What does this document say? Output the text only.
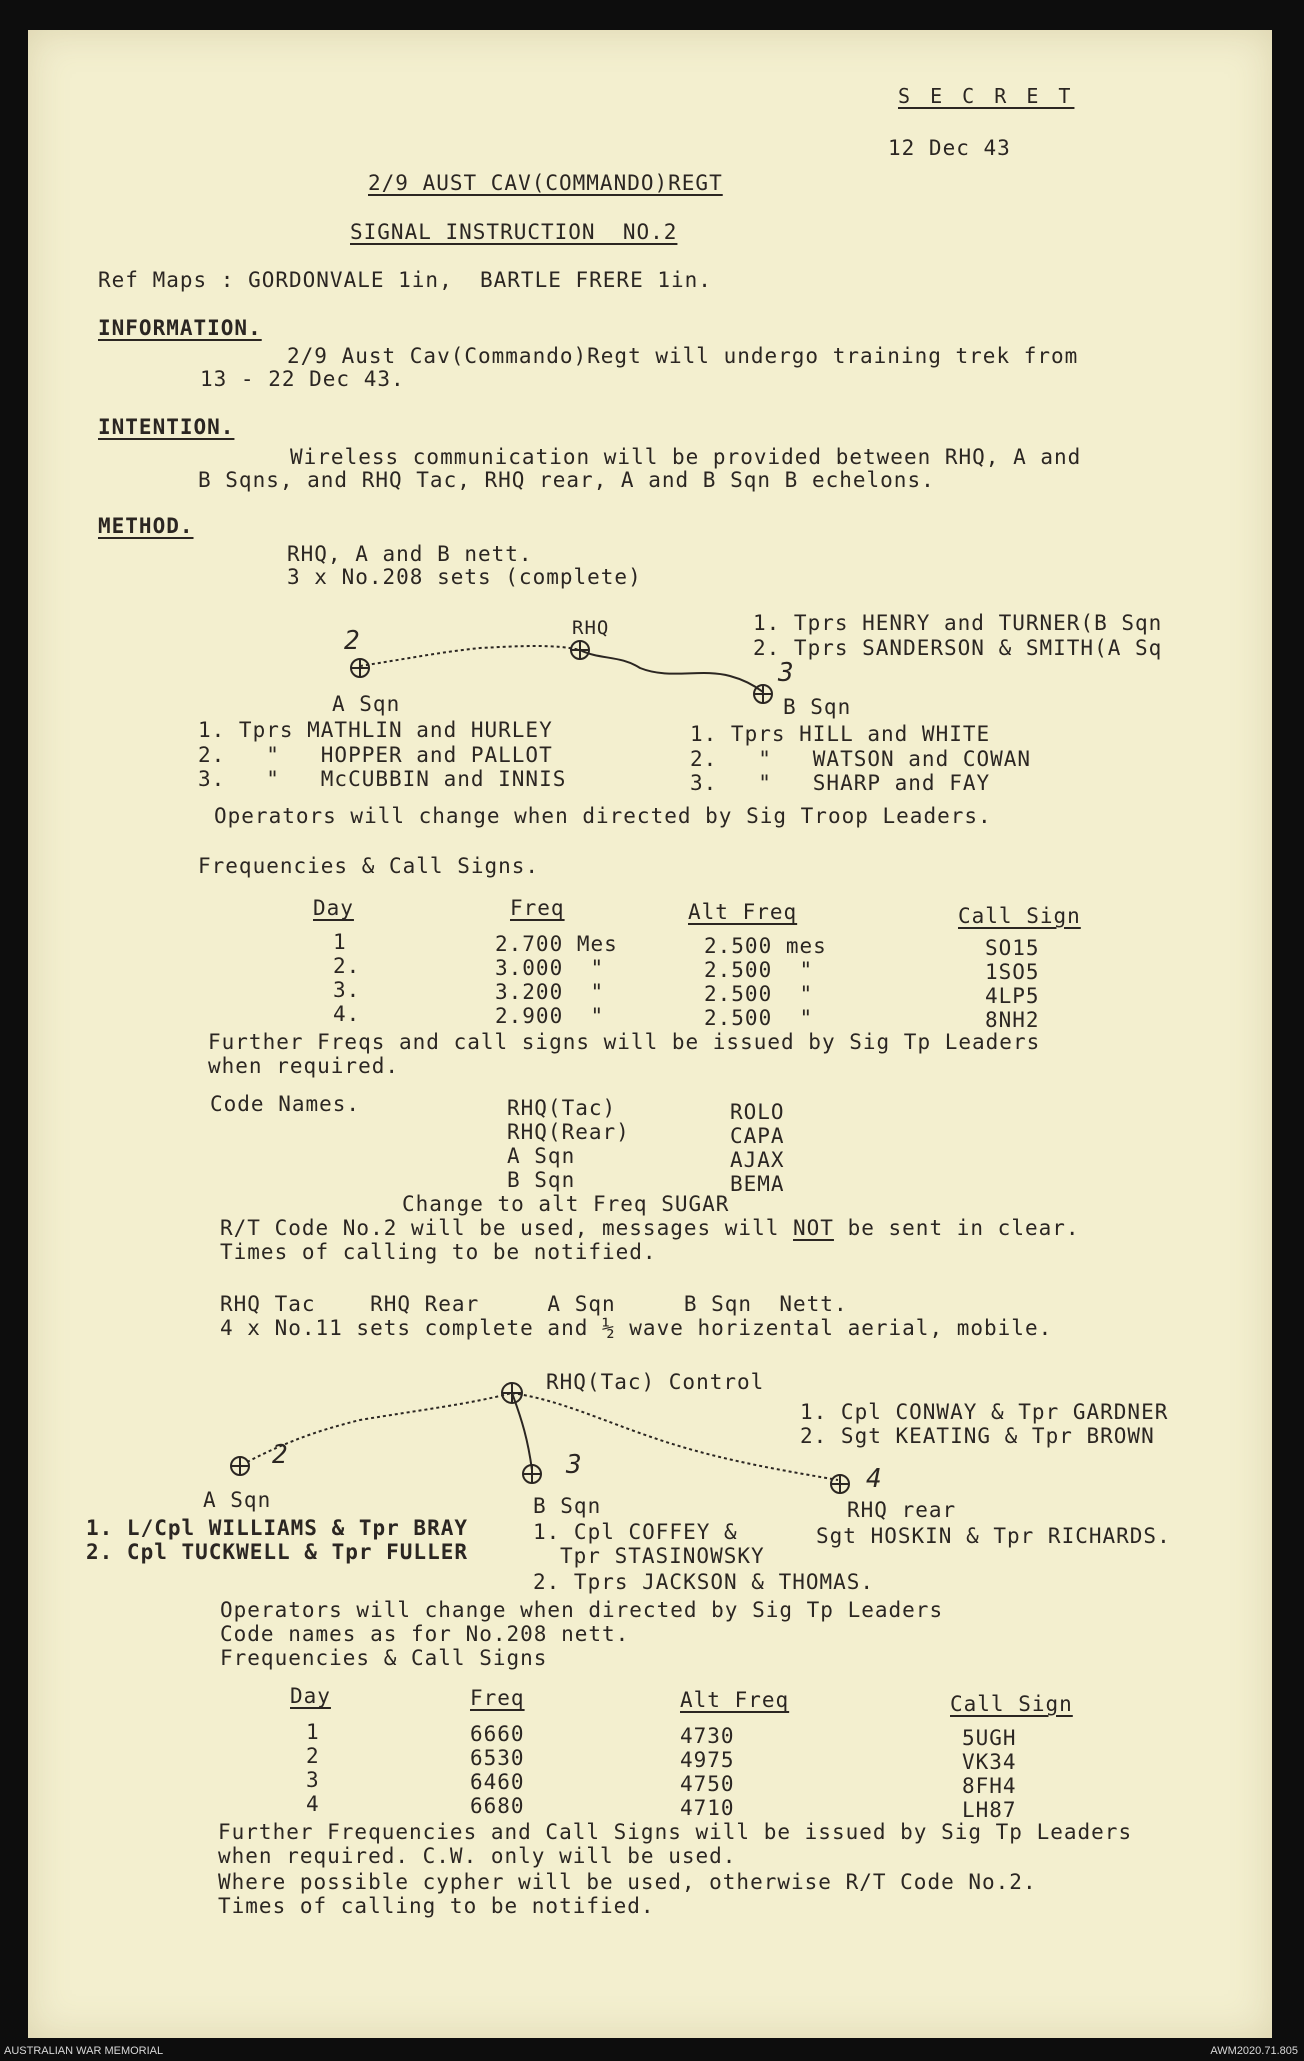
S E C R E T
12 Dec 43
2/9 AUST CAV(COMMANDO)REGT
SIGNAL INSTRUCTION  NO.2
Ref Maps : GORDONVALE 1in,  BARTLE FRERE 1in.
INFORMATION.
2/9 Aust Cav(Commando)Regt will undergo training trek from
13 - 22 Dec 43.
INTENTION.
Wireless communication will be provided between RHQ, A and
B Sqns, and RHQ Tac, RHQ rear, A and B Sqn B echelons.
METHOD.
RHQ, A and B nett.
3 x No.208 sets (complete)
RHQ
2
3
1. Tprs HENRY and TURNER(B Sqn
2. Tprs SANDERSON & SMITH(A Sq
A Sqn	B Sqn
1. Tprs MATHLIN and HURLEY
2.   "   HOPPER and PALLOT
3.   "   McCUBBIN and INNIS
1. Tprs HILL and WHITE
2.   "   WATSON and COWAN
3.   "   SHARP and FAY
Operators will change when directed by Sig Troop Leaders.
Frequencies & Call Signs.
Day	Freq	Alt Freq	Call Sign
1	2.700 Mes	2.500 mes	SO15
2.	3.000  "	2.500  "	1SO5
3.	3.200  "	2.500  "	4LP5
4.	2.900  "	2.500  "	8NH2
Further Freqs and call signs will be issued by Sig Tp Leaders
when required.
Code Names.	RHQ(Tac)	ROLO
RHQ(Rear)	CAPA
A Sqn	AJAX
B Sqn	BEMA
Change to alt Freq SUGAR
R/T Code No.2 will be used, messages will NOT be sent in clear.
Times of calling to be notified.
RHQ Tac    RHQ Rear     A Sqn     B Sqn  Nett.
4 x No.11 sets complete and ½ wave horizental aerial, mobile.
RHQ(Tac) Control
1. Cpl CONWAY & Tpr GARDNER
2. Sgt KEATING & Tpr BROWN
2	3	4
A Sqn	B Sqn	RHQ rear
1. L/Cpl WILLIAMS & Tpr BRAY
2. Cpl TUCKWELL & Tpr FULLER
1. Cpl COFFEY &
Tpr STASINOWSKY
2. Tprs JACKSON & THOMAS.
Sgt HOSKIN & Tpr RICHARDS.
Operators will change when directed by Sig Tp Leaders
Code names as for No.208 nett.
Frequencies & Call Signs
Day	Freq	Alt Freq	Call Sign
1	6660	4730	5UGH
2	6530	4975	VK34
3	6460	4750	8FH4
4	6680	4710	LH87
Further Frequencies and Call Signs will be issued by Sig Tp Leaders
when required. C.W. only will be used.
Where possible cypher will be used, otherwise R/T Code No.2.
Times of calling to be notified.
AUSTRALIAN WAR MEMORIAL	AWM2020.71.805
